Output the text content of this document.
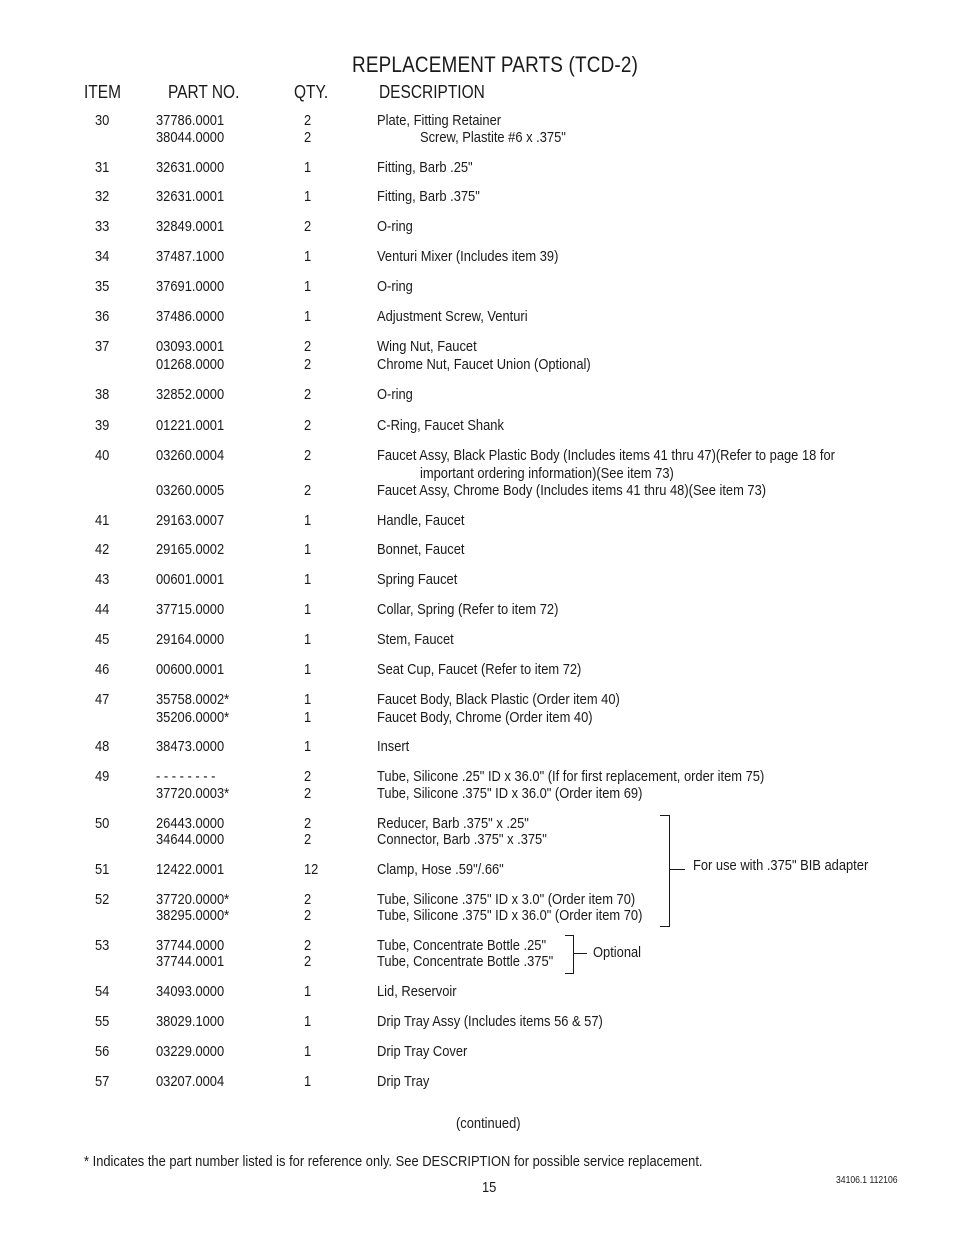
REPLACEMENT PARTS (TCD-2)
ITEM	PART NO.	QTY.	DESCRIPTION
30	37786.0001	2	Plate, Fitting Retainer
38044.0000	2	Screw, Plastite #6 x .375"
31	32631.0000	1	Fitting, Barb .25"
32	32631.0001	1	Fitting, Barb .375"
33	32849.0001	2	O-ring
34	37487.1000	1	Venturi Mixer (Includes item 39)
35	37691.0000	1	O-ring
36	37486.0000	1	Adjustment Screw, Venturi
37	03093.0001	2	Wing Nut, Faucet
01268.0000	2	Chrome Nut, Faucet Union (Optional)
38	32852.0000	2	O-ring
39	01221.0001	2	C-Ring, Faucet Shank
40	03260.0004	2	Faucet Assy, Black Plastic Body (Includes items 41 thru 47)(Refer to page 18 for
important ordering information)(See item 73)
03260.0005	2	Faucet Assy, Chrome Body (Includes items 41 thru 48)(See item 73)
41	29163.0007	1	Handle, Faucet
42	29165.0002	1	Bonnet, Faucet
43	00601.0001	1	Spring Faucet
44	37715.0000	1	Collar, Spring (Refer to item 72)
45	29164.0000	1	Stem, Faucet
46	00600.0001	1	Seat Cup, Faucet (Refer to item 72)
47	35758.0002*	1	Faucet Body, Black Plastic (Order item 40)
35206.0000*	1	Faucet Body, Chrome (Order item 40)
48	38473.0000	1	Insert
49	- - - - - - - -	2	Tube, Silicone .25" ID x 36.0" (If for first replacement, order item 75)
37720.0003*	2	Tube, Silicone .375" ID x 36.0" (Order item 69)
50	26443.0000	2	Reducer, Barb .375" x .25"
34644.0000	2	Connector, Barb .375" x .375"
51	12422.0001	12	Clamp, Hose .59"/.66"
52	37720.0000*	2	Tube, Silicone .375" ID x 3.0" (Order item 70)
38295.0000*	2	Tube, Silicone .375" ID x 36.0" (Order item 70)
53	37744.0000	2	Tube, Concentrate Bottle .25"
37744.0001	2	Tube, Concentrate Bottle .375"
54	34093.0000	1	Lid, Reservoir
55	38029.1000	1	Drip Tray Assy (Includes items 56 & 57)
56	03229.0000	1	Drip Tray Cover
57	03207.0004	1	Drip Tray
For use with .375" BIB adapter
Optional
(continued)
* Indicates the part number listed is for reference only. See DESCRIPTION for possible service replacement.
15	34106.1 112106
